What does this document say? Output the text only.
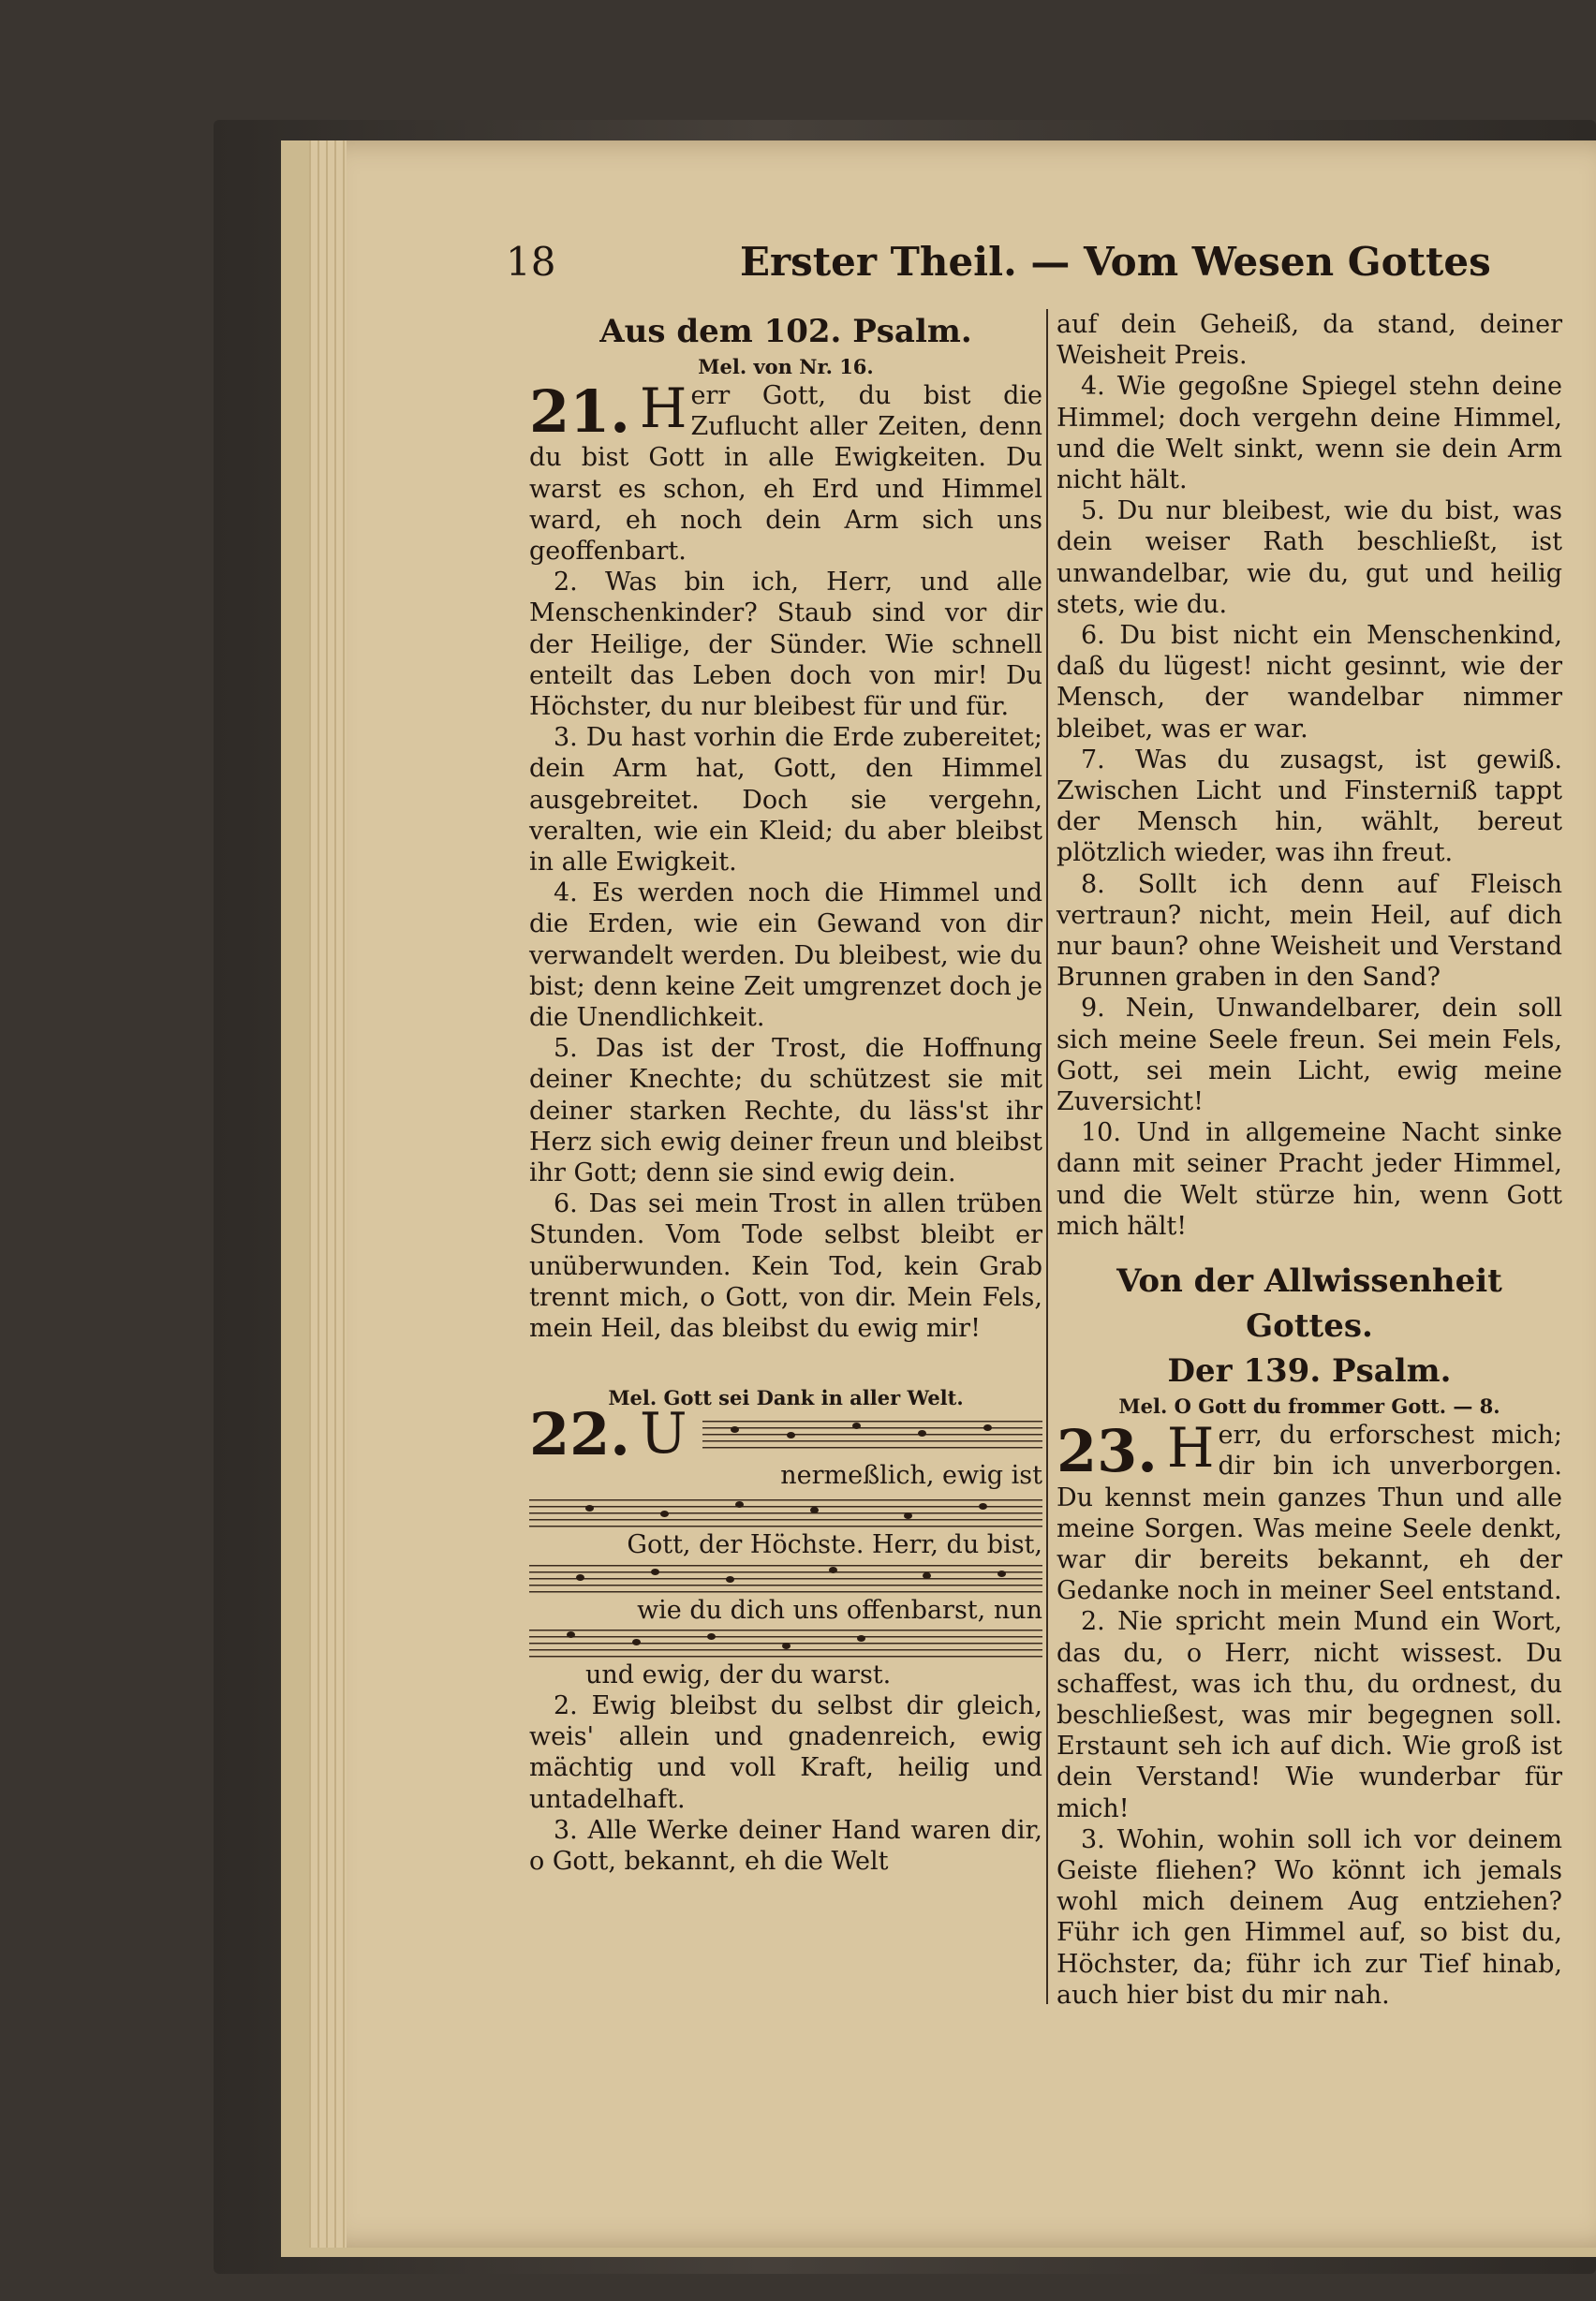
18	Erster Theil. — Vom Wesen Gottes
Aus dem 102. Psalm.
Mel. von Nr. 16.

21. H err Gott, du bist die Zuflucht aller Zeiten, denn du bist Gott in alle Ewigkeiten. Du warst es schon, eh Erd und Himmel ward, eh noch dein Arm sich uns geoffenbart.

2. Was bin ich, Herr, und alle Menschenkinder? Staub sind vor dir der Heilige, der Sünder. Wie schnell enteilt das Leben doch von mir! Du Höchster, du nur bleibest für und für.

3. Du hast vorhin die Erde zubereitet; dein Arm hat, Gott, den Himmel ausgebreitet. Doch sie vergehn, veralten, wie ein Kleid; du aber bleibst in alle Ewigkeit.

4. Es werden noch die Himmel und die Erden, wie ein Gewand von dir verwandelt werden. Du bleibest, wie du bist; denn keine Zeit umgrenzet doch je die Unendlichkeit.

5. Das ist der Trost, die Hoffnung deiner Knechte; du schützest sie mit deiner starken Rechte, du läss'st ihr Herz sich ewig deiner freun und bleibst ihr Gott; denn sie sind ewig dein.

6. Das sei mein Trost in allen trüben Stunden. Vom Tode selbst bleibt er unüberwunden. Kein Tod, kein Grab trennt mich, o Gott, von dir. Mein Fels, mein Heil, das bleibst du ewig mir!

Mel. Gott sei Dank in aller Welt.
22. U

nermeßlich, ewig ist

Gott, der Höchste. Herr, du bist,

wie du dich uns offenbarst, nun

und ewig, der du warst.

2. Ewig bleibst du selbst dir gleich, weis' allein und gnadenreich, ewig mächtig und voll Kraft, heilig und untadelhaft.

3. Alle Werke deiner Hand waren dir, o Gott, bekannt, eh die Welt

auf dein Geheiß, da stand, deiner Weisheit Preis.

4. Wie gegoßne Spiegel stehn deine Himmel; doch vergehn deine Himmel, und die Welt sinkt, wenn sie dein Arm nicht hält.

5. Du nur bleibest, wie du bist, was dein weiser Rath beschließt, ist unwandelbar, wie du, gut und heilig stets, wie du.

6. Du bist nicht ein Menschenkind, daß du lügest! nicht gesinnt, wie der Mensch, der wandelbar nimmer bleibet, was er war.

7. Was du zusagst, ist gewiß. Zwischen Licht und Finsterniß tappt der Mensch hin, wählt, bereut plötzlich wieder, was ihn freut.

8. Sollt ich denn auf Fleisch vertraun? nicht, mein Heil, auf dich nur baun? ohne Weisheit und Verstand Brunnen graben in den Sand?

9. Nein, Unwandelbarer, dein soll sich meine Seele freun. Sei mein Fels, Gott, sei mein Licht, ewig meine Zuversicht!

10. Und in allgemeine Nacht sinke dann mit seiner Pracht jeder Himmel, und die Welt stürze hin, wenn Gott mich hält!

Von der Allwissenheit Gottes.
Der 139. Psalm.
Mel. O Gott du frommer Gott. — 8.

23. H err, du erforschest mich; dir bin ich unverborgen. Du kennst mein ganzes Thun und alle meine Sorgen. Was meine Seele denkt, war dir bereits bekannt, eh der Gedanke noch in meiner Seel entstand.

2. Nie spricht mein Mund ein Wort, das du, o Herr, nicht wissest. Du schaffest, was ich thu, du ordnest, du beschließest, was mir begegnen soll. Erstaunt seh ich auf dich. Wie groß ist dein Verstand! Wie wunderbar für mich!

3. Wohin, wohin soll ich vor deinem Geiste fliehen? Wo könnt ich jemals wohl mich deinem Aug entziehen? Führ ich gen Himmel auf, so bist du, Höchster, da; führ ich zur Tief hinab, auch hier bist du mir nah.
